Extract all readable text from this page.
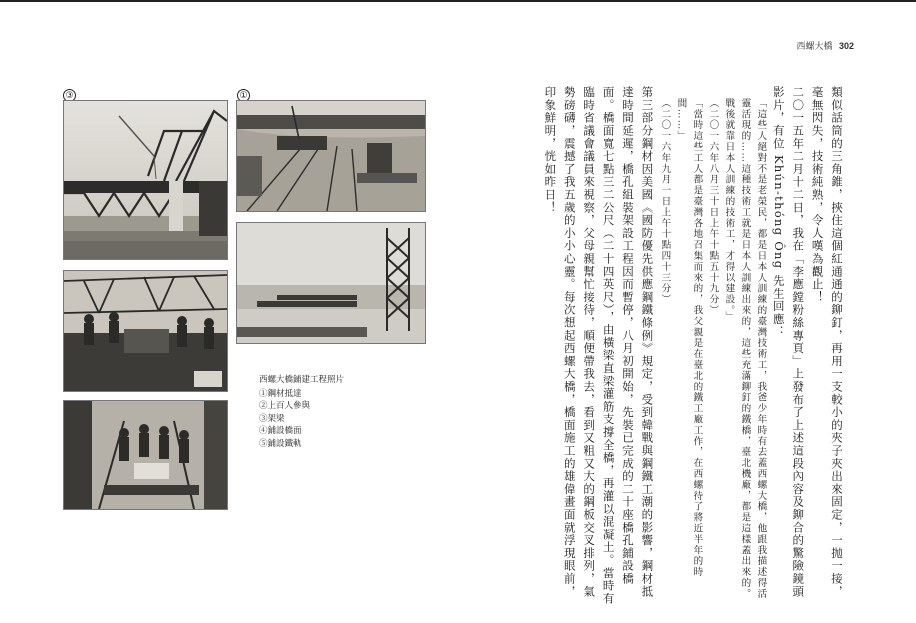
西螺大橋 302
③	①
西螺大橋鋪建工程照片
①鋼材抵達
②上百人參與
③架梁
④鋪設橋面
⑤鋪設鐵軌	類似話筒的三角錐，挾住這個紅通通的鉚釘，再用一支較小的夾子夾出來固定，一抛一接，毫無閃失，技術純熟，令人嘆為觀止！

二〇一五年二月十二日，我在「李應鏜粉絲專頁」上發布了上述這段內容及鉚合的驚險鏡頭影片，有位 Khún-thóng Ông 先生回應：

「這些人絕對不是老榮民，都是日本人訓練的臺灣技術工，我爸少年時有去蓋西螺大橋，他跟我描述得活靈活現的……這種技術工就是日本人訓練出來的，這些充滿鉚釘的鐵橋，臺北機廠，都是這樣蓋出來的。戰後就靠日本人訓練的技術工，才得以建設。」

（二〇一六年八月三十日上午十點五十九分）

「當時這些工人都是臺灣各地召集而來的，我父親是在臺北的鐵工廠工作，在西螺待了將近半年的時間……」

（二〇一六年九月一日上午十點四十三分）

第三部分鋼材因美國《國防優先供應鋼鐵條例》規定，受到韓戰與鋼鐵工潮的影響，鋼材抵達時間延遲，橋孔組裝架設工程因而暫停，八月初開始，先裝已完成的二十座橋孔鋪設橋面。橋面寬七點三二公尺（二十四英尺），由橫梁直梁灌筋支撐全橋，再灌以混凝土。當時有臨時省議會議員來視察，父母親幫忙接待，順便帶我去，看到又粗又大的鋼板交叉排列，氣勢磅礴，震撼了我五歲的小小心靈。每次想起西螺大橋，橋面施工的雄偉畫面就浮現眼前，印象鮮明，恍如昨日！
